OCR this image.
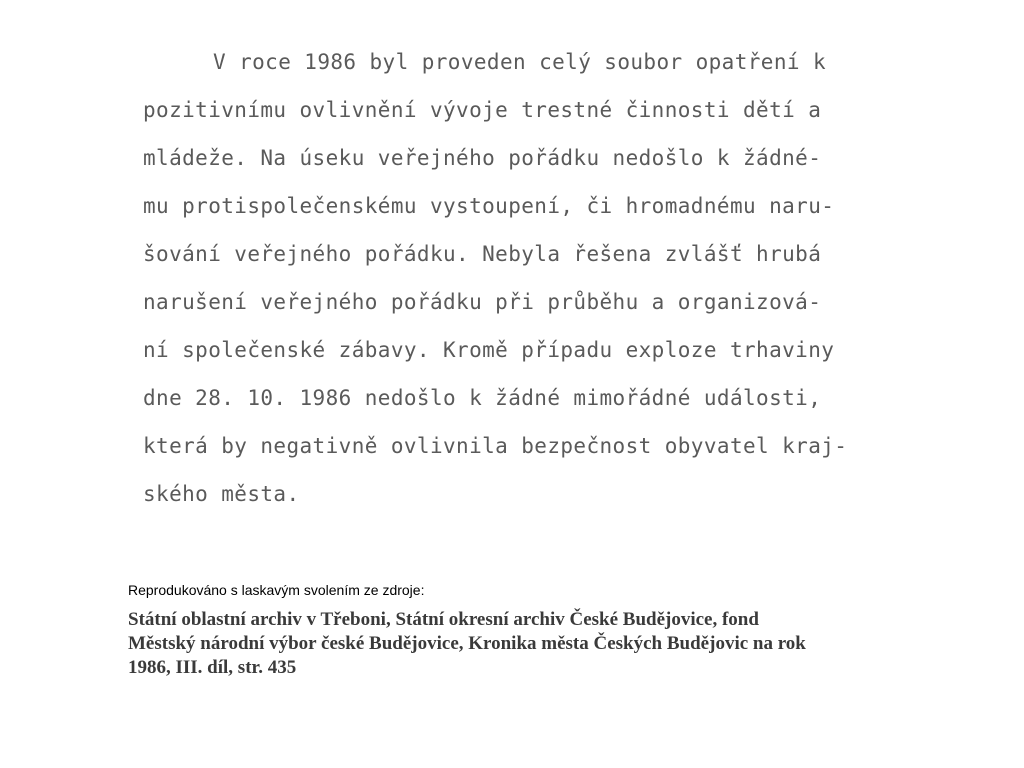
V roce 1986 byl proveden celý soubor opatření k
pozitivnímu ovlivnění vývoje trestné činnosti dětí a
mládeže. Na úseku veřejného pořádku nedošlo k žádné-
mu protispolečenskému vystoupení, či hromadnému naru-
šování veřejného pořádku. Nebyla řešena zvlášť hrubá
narušení veřejného pořádku při průběhu a organizová-
ní společenské zábavy. Kromě případu exploze trhaviny
dne 28. 10. 1986 nedošlo k žádné mimořádné události,
která by negativně ovlivnila bezpečnost obyvatel kraj-
ského města.
Reprodukováno s laskavým svolením ze zdroje:
Státní oblastní archiv v Třeboni, Státní okresní archiv České Budějovice, fond
Městský národní výbor české Budějovice, Kronika města Českých Budějovic na rok
1986, III. díl, str. 435
